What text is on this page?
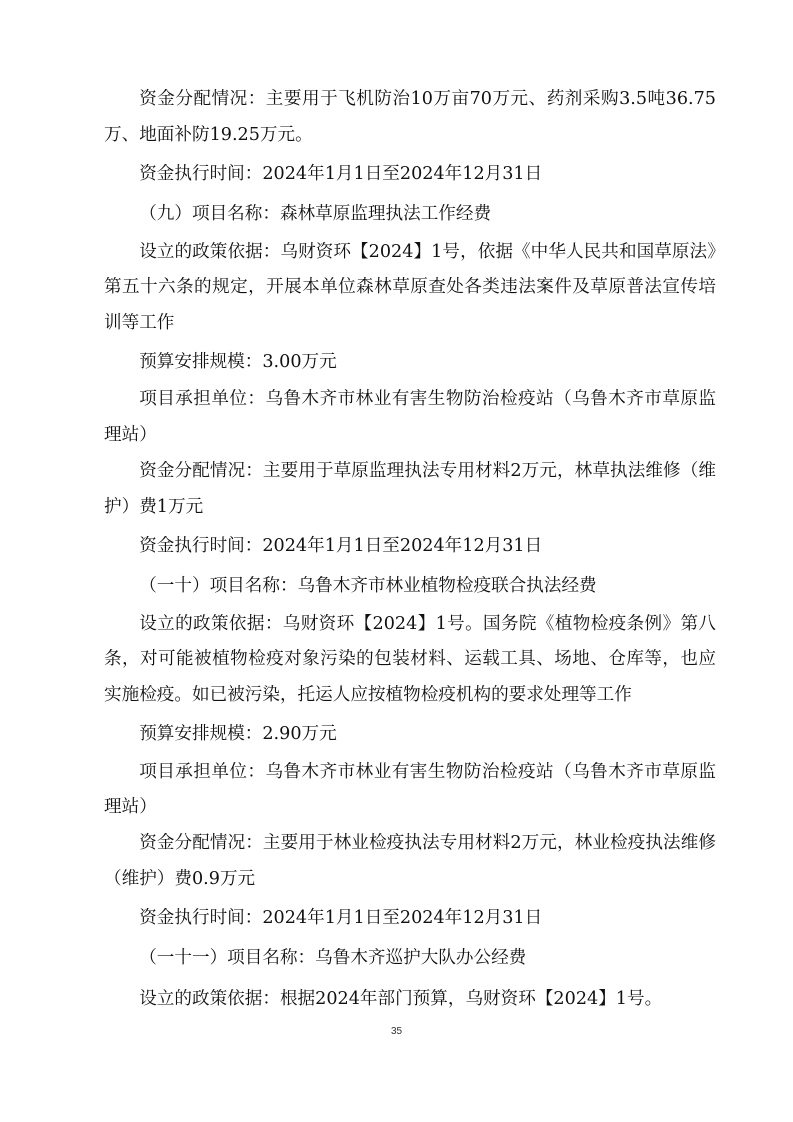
资金分配情况：主要用于飞机防治10万亩70万元、药剂采购3.5吨36.75万、地面补防19.25万元。

资金执行时间：2024年1月1日至2024年12月31日

（九）项目名称：森林草原监理执法工作经费

设立的政策依据：乌财资环【2024】1号，依据《中华人民共和国草原法》第五十六条的规定，开展本单位森林草原查处各类违法案件及草原普法宣传培训等工作

预算安排规模：3.00万元

项目承担单位：乌鲁木齐市林业有害生物防治检疫站（乌鲁木齐市草原监理站）

资金分配情况：主要用于草原监理执法专用材料2万元，林草执法维修（维护）费1万元

资金执行时间：2024年1月1日至2024年12月31日

（一十）项目名称：乌鲁木齐市林业植物检疫联合执法经费

设立的政策依据：乌财资环【2024】1号。国务院《植物检疫条例》第八条，对可能被植物检疫对象污染的包装材料、运载工具、场地、仓库等，也应实施检疫。如已被污染，托运人应按植物检疫机构的要求处理等工作

预算安排规模：2.90万元

项目承担单位：乌鲁木齐市林业有害生物防治检疫站（乌鲁木齐市草原监理站）

资金分配情况：主要用于林业检疫执法专用材料2万元，林业检疫执法维修（维护）费0.9万元

资金执行时间：2024年1月1日至2024年12月31日

（一十一）项目名称：乌鲁木齐巡护大队办公经费

设立的政策依据：根据2024年部门预算，乌财资环【2024】1号。

35
